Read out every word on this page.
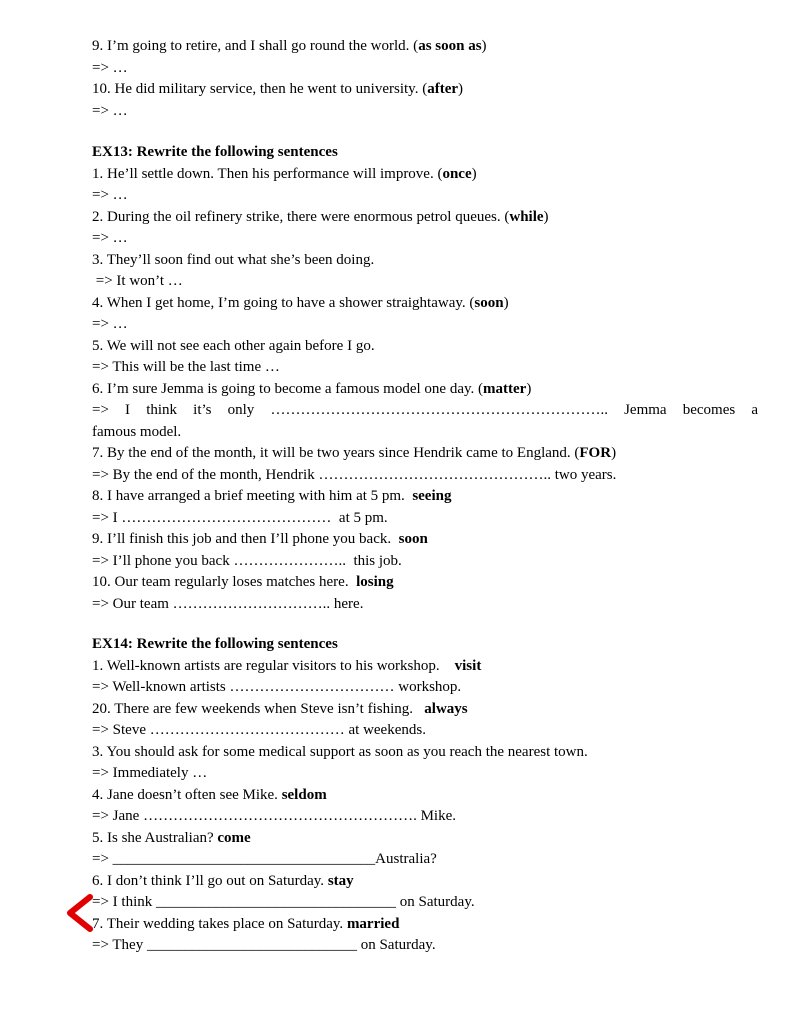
9. I’m going to retire, and I shall go round the world. (as soon as)
=> …
10. He did military service, then he went to university. (after)
=> …
EX13: Rewrite the following sentences
1. He’ll settle down. Then his performance will improve. (once)
=> …
2. During the oil refinery strike, there were enormous petrol queues. (while)
=> …
3. They’ll soon find out what she’s been doing.
=> It won’t …
4. When I get home, I’m going to have a shower straightaway. (soon)
=> …
5. We will not see each other again before I go.
=> This will be the last time …
6. I’m sure Jemma is going to become a famous model one day. (matter)
=> I think it’s only ………………………………………………………….. Jemma becomes a
famous model.
7. By the end of the month, it will be two years since Hendrik came to England. (FOR)
=> By the end of the month, Hendrik ……………………………………….. two years.
8. I have arranged a brief meeting with him at 5 pm.  seeing
=> I ……………………………………  at 5 pm.
9. I’ll finish this job and then I’ll phone you back.  soon
=> I’ll phone you back …………………..  this job.
10. Our team regularly loses matches here.  losing
=> Our team ………………………….. here.
EX14: Rewrite the following sentences
1. Well-known artists are regular visitors to his workshop.    visit
=> Well-known artists …………………………… workshop.
20. There are few weekends when Steve isn’t fishing.   always
=> Steve ………………………………… at weekends.
3. You should ask for some medical support as soon as you reach the nearest town.
=> Immediately …
4. Jane doesn’t often see Mike. seldom
=> Jane ………………………………………………. Mike.
5. Is she Australian? come
=> ___________________________________Australia?
6. I don’t think I’ll go out on Saturday. stay
=> I think ________________________________ on Saturday.
7. Their wedding takes place on Saturday. married
=> They ____________________________ on Saturday.
